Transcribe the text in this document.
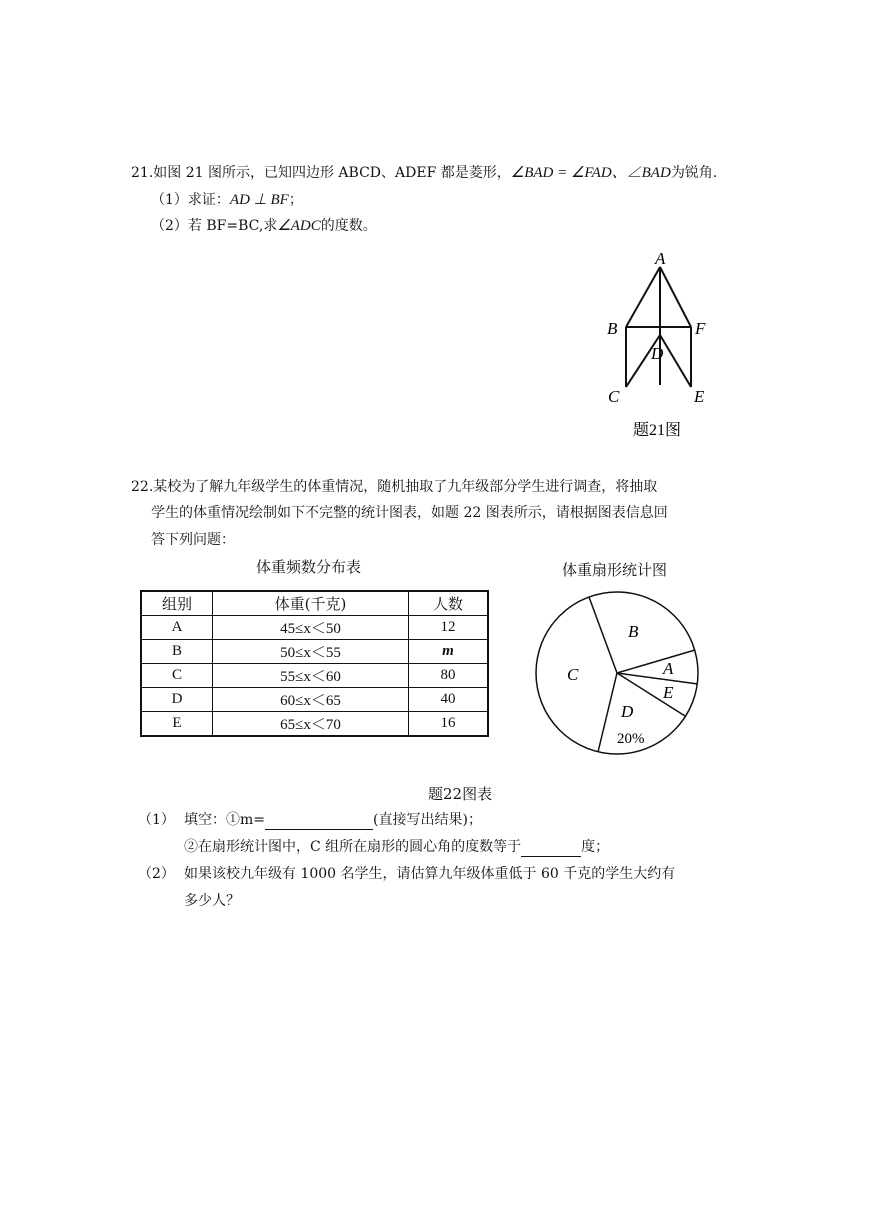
21.如图 21 图所示，已知四边形 ABCD、ADEF 都是菱形，∠BAD = ∠FAD、∠BAD为锐角.
（1）求证：AD ⊥ BF；
（2）若 BF=BC,求∠ADC的度数。
A
B	F
D
C	E
题21图
22.某校为了解九年级学生的体重情况，随机抽取了九年级部分学生进行调查，将抽取
学生的体重情况绘制如下不完整的统计图表，如题 22 图表所示，请根据图表信息回
答下列问题：
体重频数分布表	体重扇形统计图
组别	体重(千克)	人数
A	45≤x＜50	12
B	50≤x＜55	m
C	55≤x＜60	80
D	60≤x＜65	40
E	65≤x＜70	16
B
A
E
C
D
20%
题22图表
（1） 填空：①m=	(直接写出结果)；
②在扇形统计图中，C 组所在扇形的圆心角的度数等于	度；
（2） 如果该校九年级有 1000 名学生，请估算九年级体重低于 60 千克的学生大约有
多少人？
